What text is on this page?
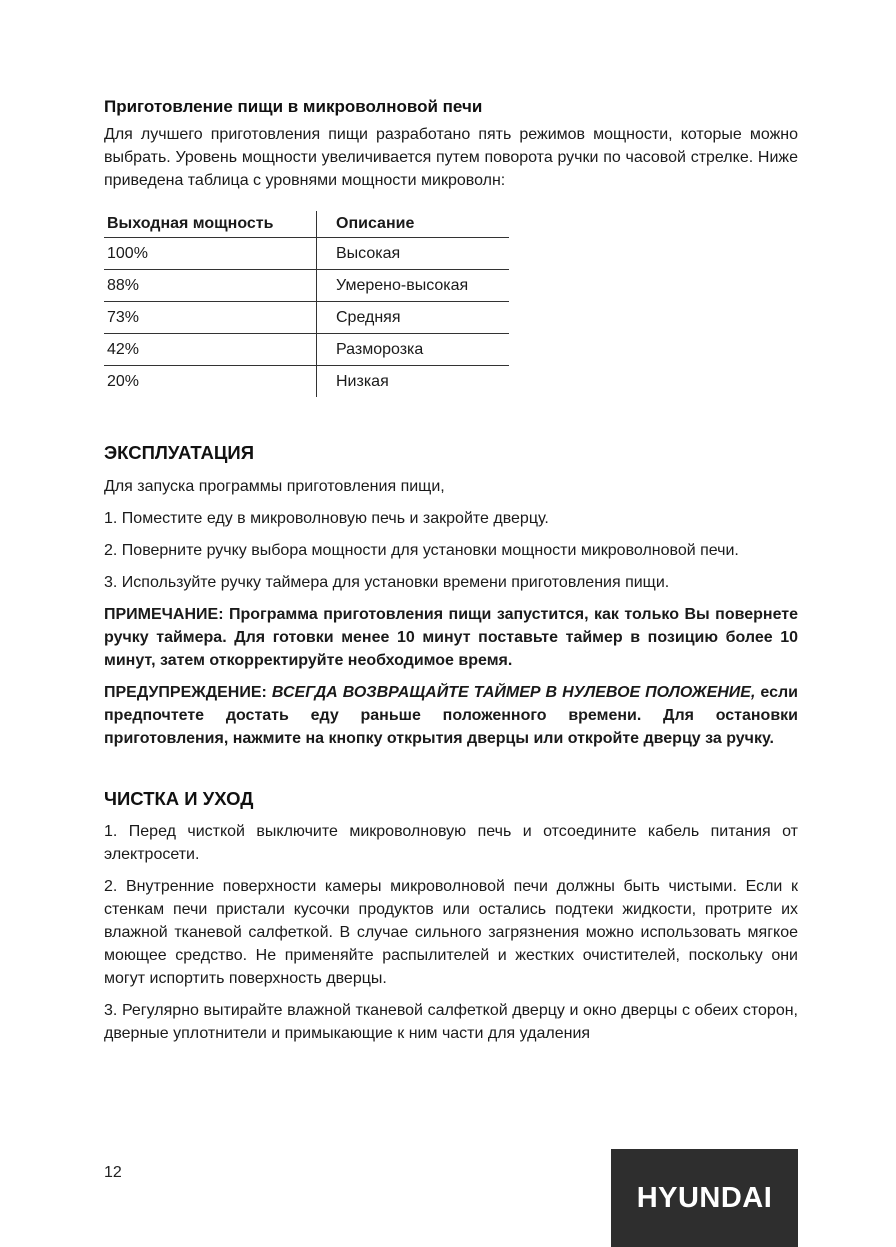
Приготовление пищи в микроволновой печи

Для лучшего приготовления пищи разработано пять режимов мощности, которые можно выбрать. Уровень мощности увеличивается путем поворота ручки по часовой стрелке. Ниже приведена таблица с уровнями мощности микроволн:

Выходная мощность	Описание
100%	Высокая
88%	Умерено-высокая
73%	Средняя
42%	Разморозка
20%	Низкая
ЭКСПЛУАТАЦИЯ

Для запуска программы приготовления пищи,

1. Поместите еду в микроволновую печь и закройте дверцу.

2. Поверните ручку выбора мощности для установки мощности микроволновой печи.

3. Используйте ручку таймера для установки времени приготовления пищи.

ПРИМЕЧАНИЕ: Программа приготовления пищи запустится, как только Вы повернете ручку таймера. Для готовки менее 10 минут поставьте таймер в позицию более 10 минут, затем откорректируйте необходимое время.

ПРЕДУПРЕЖДЕНИЕ: ВСЕГДА ВОЗВРАЩАЙТЕ ТАЙМЕР В НУЛЕВОЕ ПОЛОЖЕНИЕ, если предпочтете достать еду раньше положенного времени. Для остановки приготовления, нажмите на кнопку открытия дверцы или откройте дверцу за ручку.

ЧИСТКА И УХОД

1. Перед чисткой выключите микроволновую печь и отсоедините кабель питания от электросети.

2. Внутренние поверхности камеры микроволновой печи должны быть чистыми. Если к стенкам печи пристали кусочки продуктов или остались подтеки жидкости, протрите их влажной тканевой салфеткой. В случае сильного загрязнения можно использовать мягкое моющее средство. Не применяйте распылителей и жестких очистителей, поскольку они могут испортить поверхность дверцы.

3. Регулярно вытирайте влажной тканевой салфеткой дверцу и окно дверцы с обеих сторон, дверные уплотнители и примыкающие к ним части для удаления

12
HYUNDAI
